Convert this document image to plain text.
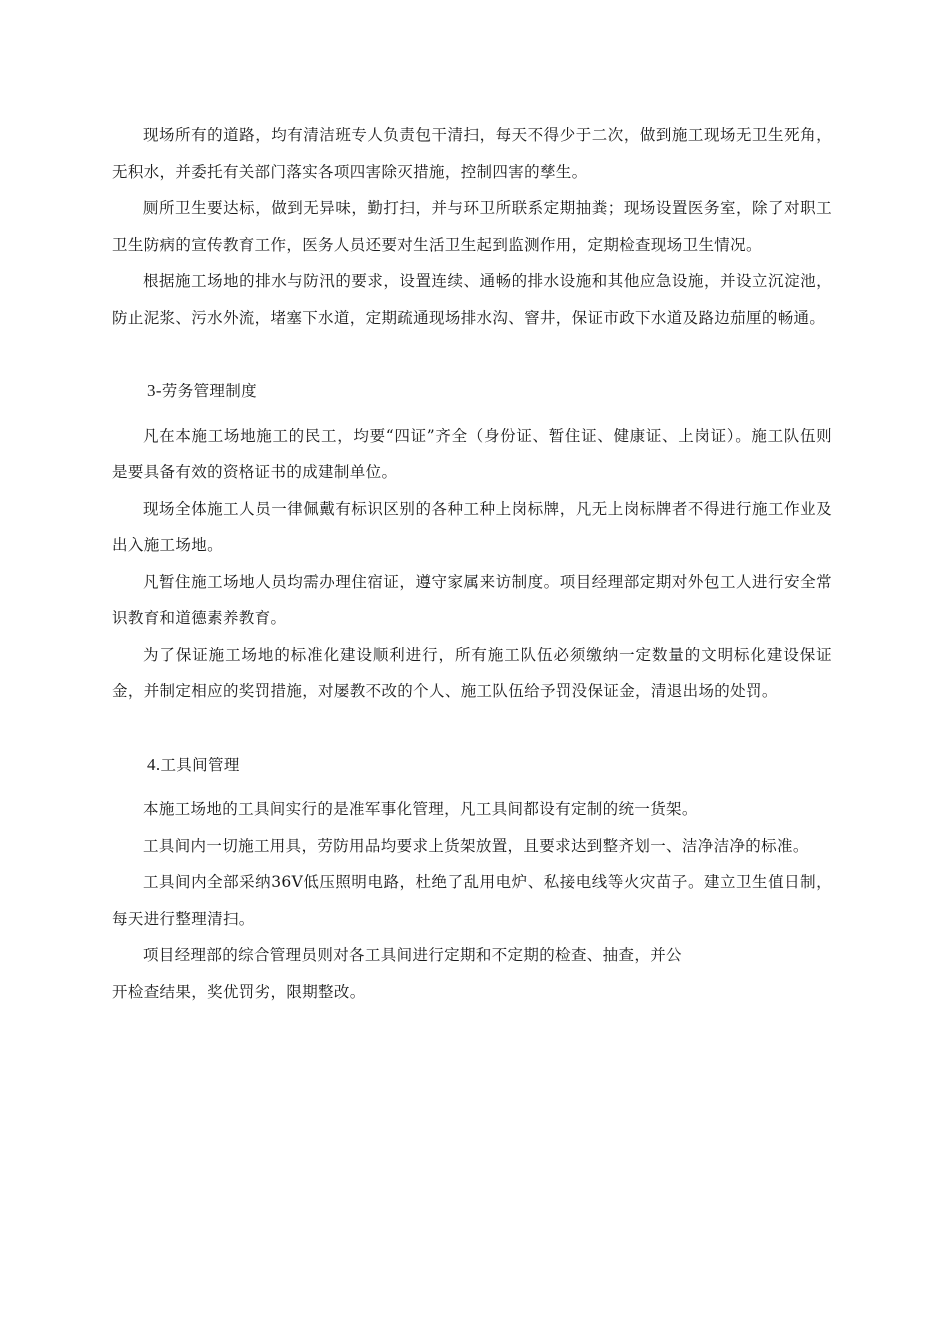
现场所有的道路，均有清洁班专人负责包干清扫，每天不得少于二次，做到施工现场无卫生死角，无积水，并委托有关部门落实各项四害除灭措施，控制四害的孳生。

厕所卫生要达标，做到无异味，勤打扫，并与环卫所联系定期抽粪；现场设置医务室，除了对职工卫生防病的宣传教育工作，医务人员还要对生活卫生起到监测作用，定期检查现场卫生情况。

根据施工场地的排水与防汛的要求，设置连续、通畅的排水设施和其他应急设施，并设立沉淀池，防止泥浆、污水外流，堵塞下水道，定期疏通现场排水沟、窨井，保证市政下水道及路边茄厘的畅通。

3-劳务管理制度

凡在本施工场地施工的民工，均要“四证”齐全（身份证、暂住证、健康证、上岗证）。施工队伍则是要具备有效的资格证书的成建制单位。

现场全体施工人员一律佩戴有标识区别的各种工种上岗标牌，凡无上岗标牌者不得进行施工作业及出入施工场地。

凡暂住施工场地人员均需办理住宿证，遵守家属来访制度。项目经理部定期对外包工人进行安全常识教育和道德素养教育。

为了保证施工场地的标准化建设顺利进行，所有施工队伍必须缴纳一定数量的文明标化建设保证金，并制定相应的奖罚措施，对屡教不改的个人、施工队伍给予罚没保证金，清退出场的处罚。

4.工具间管理

本施工场地的工具间实行的是准军事化管理，凡工具间都设有定制的统一货架。

工具间内一切施工用具，劳防用品均要求上货架放置，且要求达到整齐划一、洁净洁净的标准。

工具间内全部采纳36V低压照明电路，杜绝了乱用电炉、私接电线等火灾苗子。建立卫生值日制，每天进行整理清扫。

项目经理部的综合管理员则对各工具间进行定期和不定期的检查、抽查，并公
开检查结果，奖优罚劣，限期整改。
